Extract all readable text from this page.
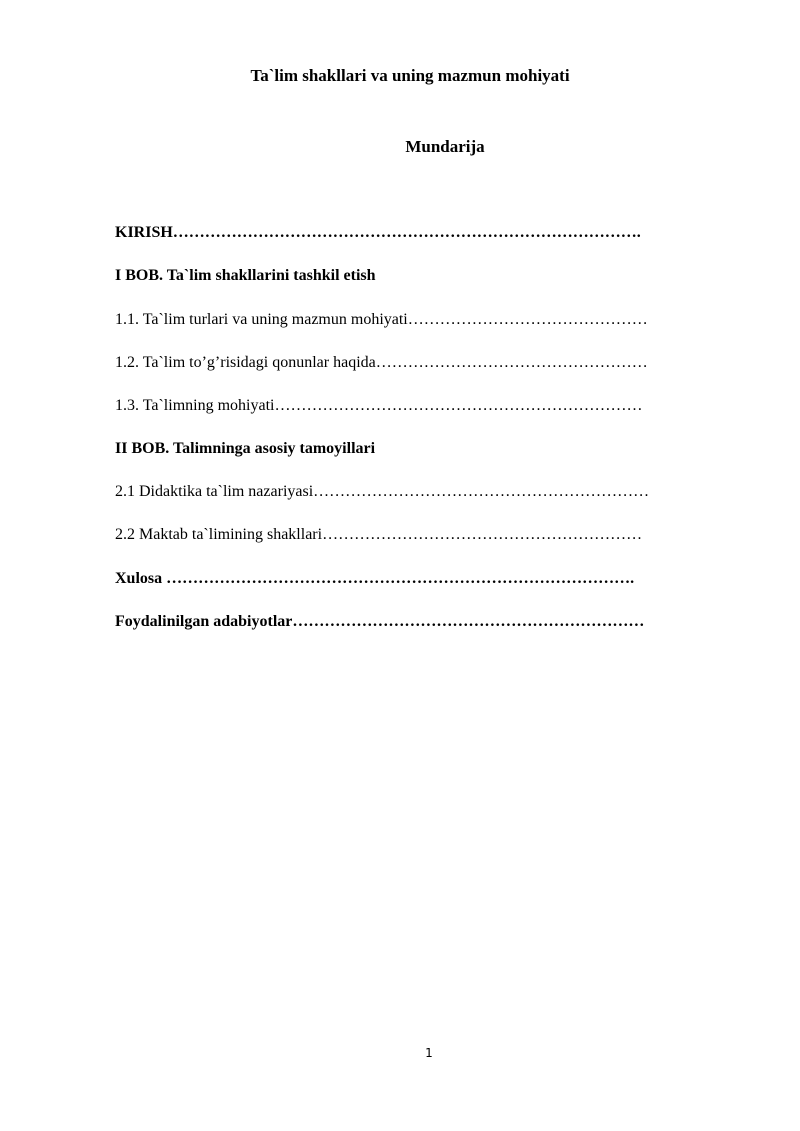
Ta`lim shakllari va uning mazmun mohiyati
Mundarija
KIRISH…………………………………………………………………………….
I BOB. Ta`lim shakllarini tashkil etish
1.1. Ta`lim turlari va uning mazmun mohiyati………………………………………
1.2. Ta`lim to’g’risidagi qonunlar haqida……………………………………………
1.3. Ta`limning mohiyati……………………………………………………………
II BOB. Talimninga asosiy tamoyillari
2.1 Didaktika ta`lim nazariyasi………………………………………………………
2.2 Maktab ta`limining shakllari……………………………………………………
Xulosa …………………………………………………………………………….
Foydalinilgan adabiyotlar…………………………………………………………

1
